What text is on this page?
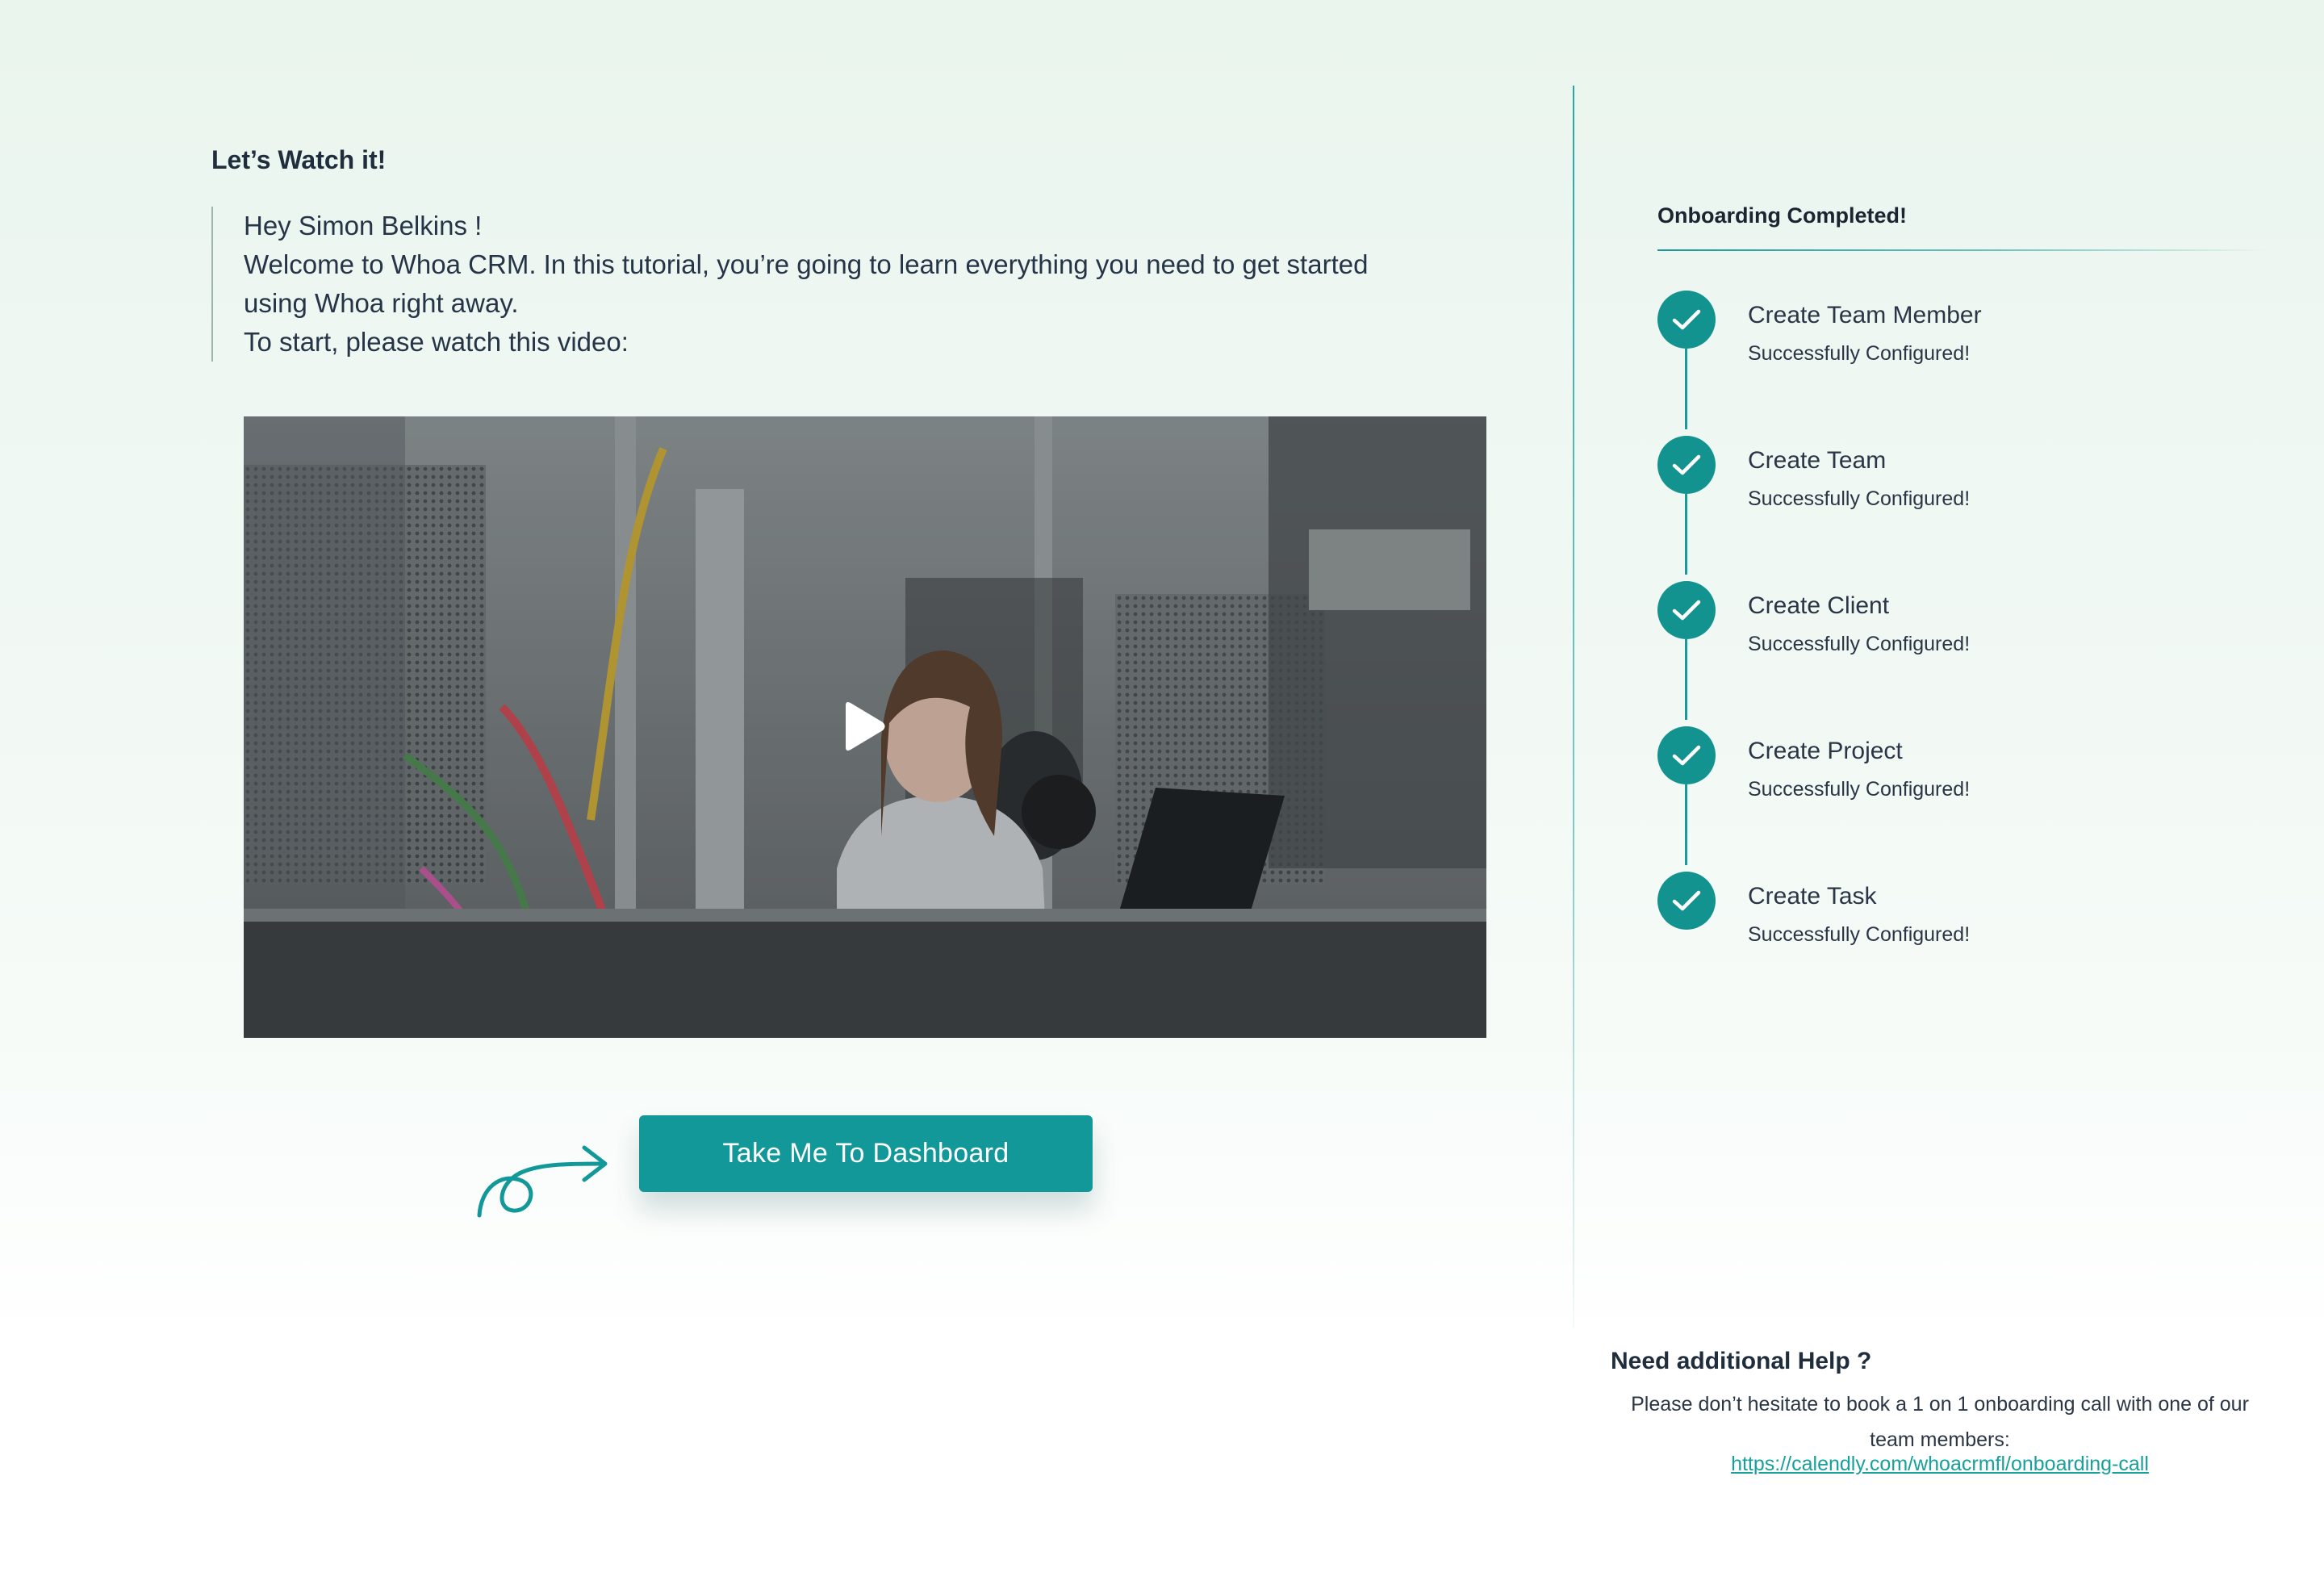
Let’s Watch it!
Hey Simon Belkins !
Welcome to Whoa CRM. In this tutorial, you’re going to learn everything you need to get started
using Whoa right away.
To start, please watch this video:
Take Me To Dashboard
Onboarding Completed!
Create Team Member
Successfully Configured!
Create Team
Successfully Configured!
Create Client
Successfully Configured!
Create Project
Successfully Configured!
Create Task
Successfully Configured!
Need additional Help ?
Please don’t hesitate to book a 1 on 1 onboarding call with one of our team members:
https://calendly.com/whoacrmfl/onboarding-call
